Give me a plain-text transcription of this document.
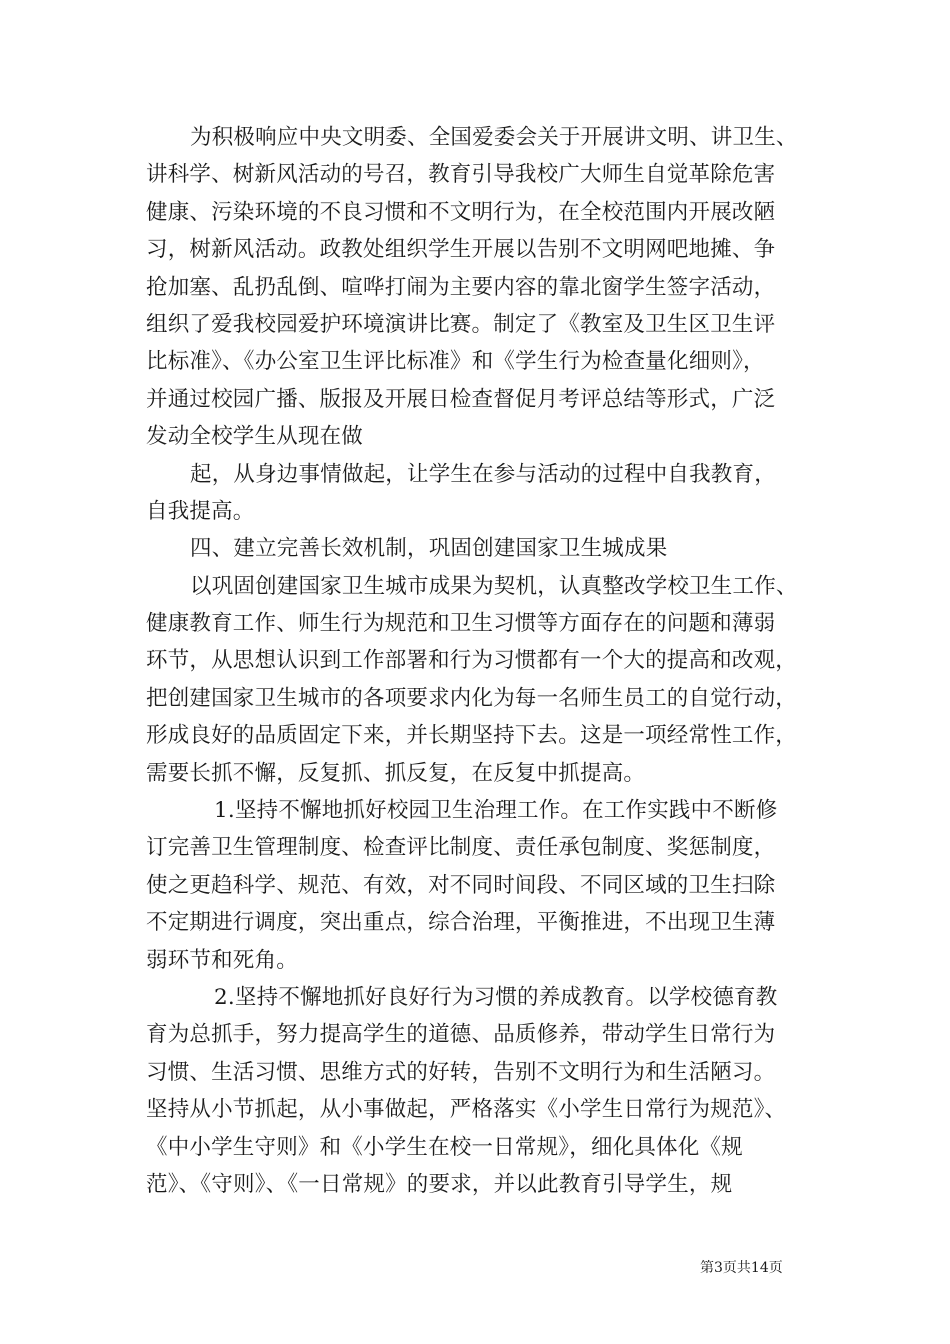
为积极响应中央文明委、全国爱委会关于开展讲文明、讲卫生、
讲科学、树新风活动的号召，教育引导我校广大师生自觉革除危害
健康、污染环境的不良习惯和不文明行为，在全校范围内开展改陋
习，树新风活动。政教处组织学生开展以告别不文明网吧地摊、争
抢加塞、乱扔乱倒、喧哗打闹为主要内容的靠北窗学生签字活动，
组织了爱我校园爱护环境演讲比赛。制定了《教室及卫生区卫生评
比标准》、《办公室卫生评比标准》和《学生行为检查量化细则》，
并通过校园广播、版报及开展日检查督促月考评总结等形式，广泛
发动全校学生从现在做
起，从身边事情做起，让学生在参与活动的过程中自我教育，
自我提高。
四、建立完善长效机制，巩固创建国家卫生城成果
以巩固创建国家卫生城市成果为契机，认真整改学校卫生工作、
健康教育工作、师生行为规范和卫生习惯等方面存在的问题和薄弱
环节，从思想认识到工作部署和行为习惯都有一个大的提高和改观，
把创建国家卫生城市的各项要求内化为每一名师生员工的自觉行动，
形成良好的品质固定下来，并长期坚持下去。这是一项经常性工作，
需要长抓不懈，反复抓、抓反复，在反复中抓提高。
1.坚持不懈地抓好校园卫生治理工作。在工作实践中不断修
订完善卫生管理制度、检查评比制度、责任承包制度、奖惩制度，
使之更趋科学、规范、有效，对不同时间段、不同区域的卫生扫除
不定期进行调度，突出重点，综合治理，平衡推进，不出现卫生薄
弱环节和死角。
2.坚持不懈地抓好良好行为习惯的养成教育。以学校德育教
育为总抓手，努力提高学生的道德、品质修养，带动学生日常行为
习惯、生活习惯、思维方式的好转，告别不文明行为和生活陋习。
坚持从小节抓起，从小事做起，严格落实《小学生日常行为规范》、
《中小学生守则》和《小学生在校一日常规》，细化具体化《规
范》、《守则》、《一日常规》的要求，并以此教育引导学生，规
第3页共14页
